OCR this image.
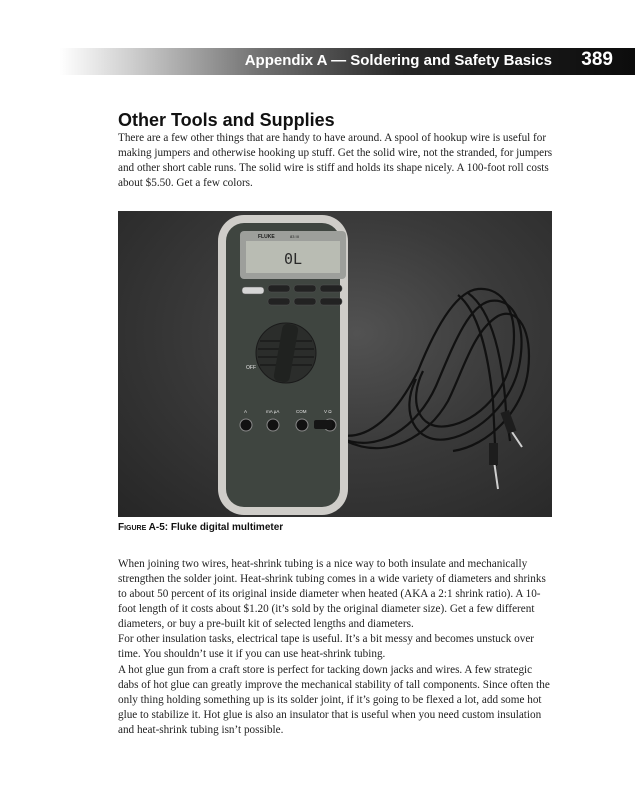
Appendix A — Soldering and Safety Basics 389
Other Tools and Supplies

There are a few other things that are handy to have around. A spool of hookup wire is useful for making jumpers and otherwise hooking up stuff. Get the solid wire, not the stranded, for jumpers and other short cable runs. The solid wire is stiff and holds its shape nicely. A 100-foot roll costs about $5.50. Get a few colors.

FLUKE	83 III
0L
OFF
A	mA µA	COM	V Ω

Figure A-5: Fluke digital multimeter

When joining two wires, heat-shrink tubing is a nice way to both insulate and mechanically strengthen the solder joint. Heat-shrink tubing comes in a wide variety of diameters and shrinks to about 50 percent of its original inside diameter when heated (AKA a 2:1 shrink ratio). A 10-foot length of it costs about $1.20 (it’s sold by the original diameter size). Get a few different diameters, or buy a pre-built kit of selected lengths and diameters.

For other insulation tasks, electrical tape is useful. It’s a bit messy and becomes unstuck over time. You shouldn’t use it if you can use heat-shrink tubing.

A hot glue gun from a craft store is perfect for tacking down jacks and wires. A few strategic dabs of hot glue can greatly improve the mechanical stability of tall components. Since often the only thing holding something up is its solder joint, if it’s going to be flexed a lot, add some hot glue to stabilize it. Hot glue is also an insulator that is useful when you need custom insulation and heat-shrink tubing isn’t possible.
